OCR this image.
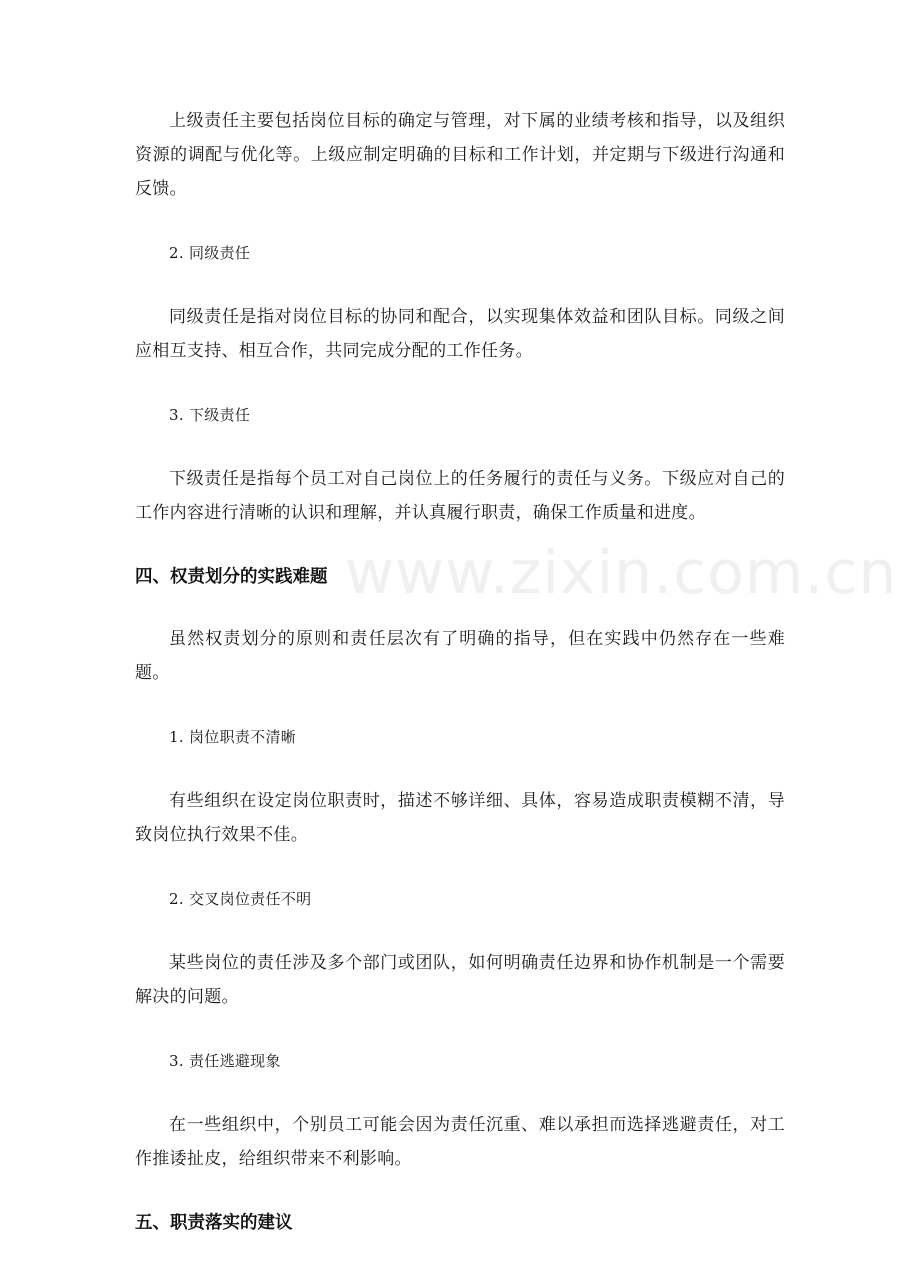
上级责任主要包括岗位目标的确定与管理，对下属的业绩考核和指导，以及组织资源的调配与优化等。上级应制定明确的目标和工作计划，并定期与下级进行沟通和反馈。

2. 同级责任

同级责任是指对岗位目标的协同和配合，以实现集体效益和团队目标。同级之间应相互支持、相互合作，共同完成分配的工作任务。

3. 下级责任

下级责任是指每个员工对自己岗位上的任务履行的责任与义务。下级应对自己的工作内容进行清晰的认识和理解，并认真履行职责，确保工作质量和进度。

四、权责划分的实践难题

虽然权责划分的原则和责任层次有了明确的指导，但在实践中仍然存在一些难题。

1. 岗位职责不清晰

有些组织在设定岗位职责时，描述不够详细、具体，容易造成职责模糊不清，导致岗位执行效果不佳。

2. 交叉岗位责任不明

某些岗位的责任涉及多个部门或团队，如何明确责任边界和协作机制是一个需要解决的问题。

3. 责任逃避现象

在一些组织中，个别员工可能会因为责任沉重、难以承担而选择逃避责任，对工作推诿扯皮，给组织带来不利影响。

五、职责落实的建议
www.zixin.com.cn
